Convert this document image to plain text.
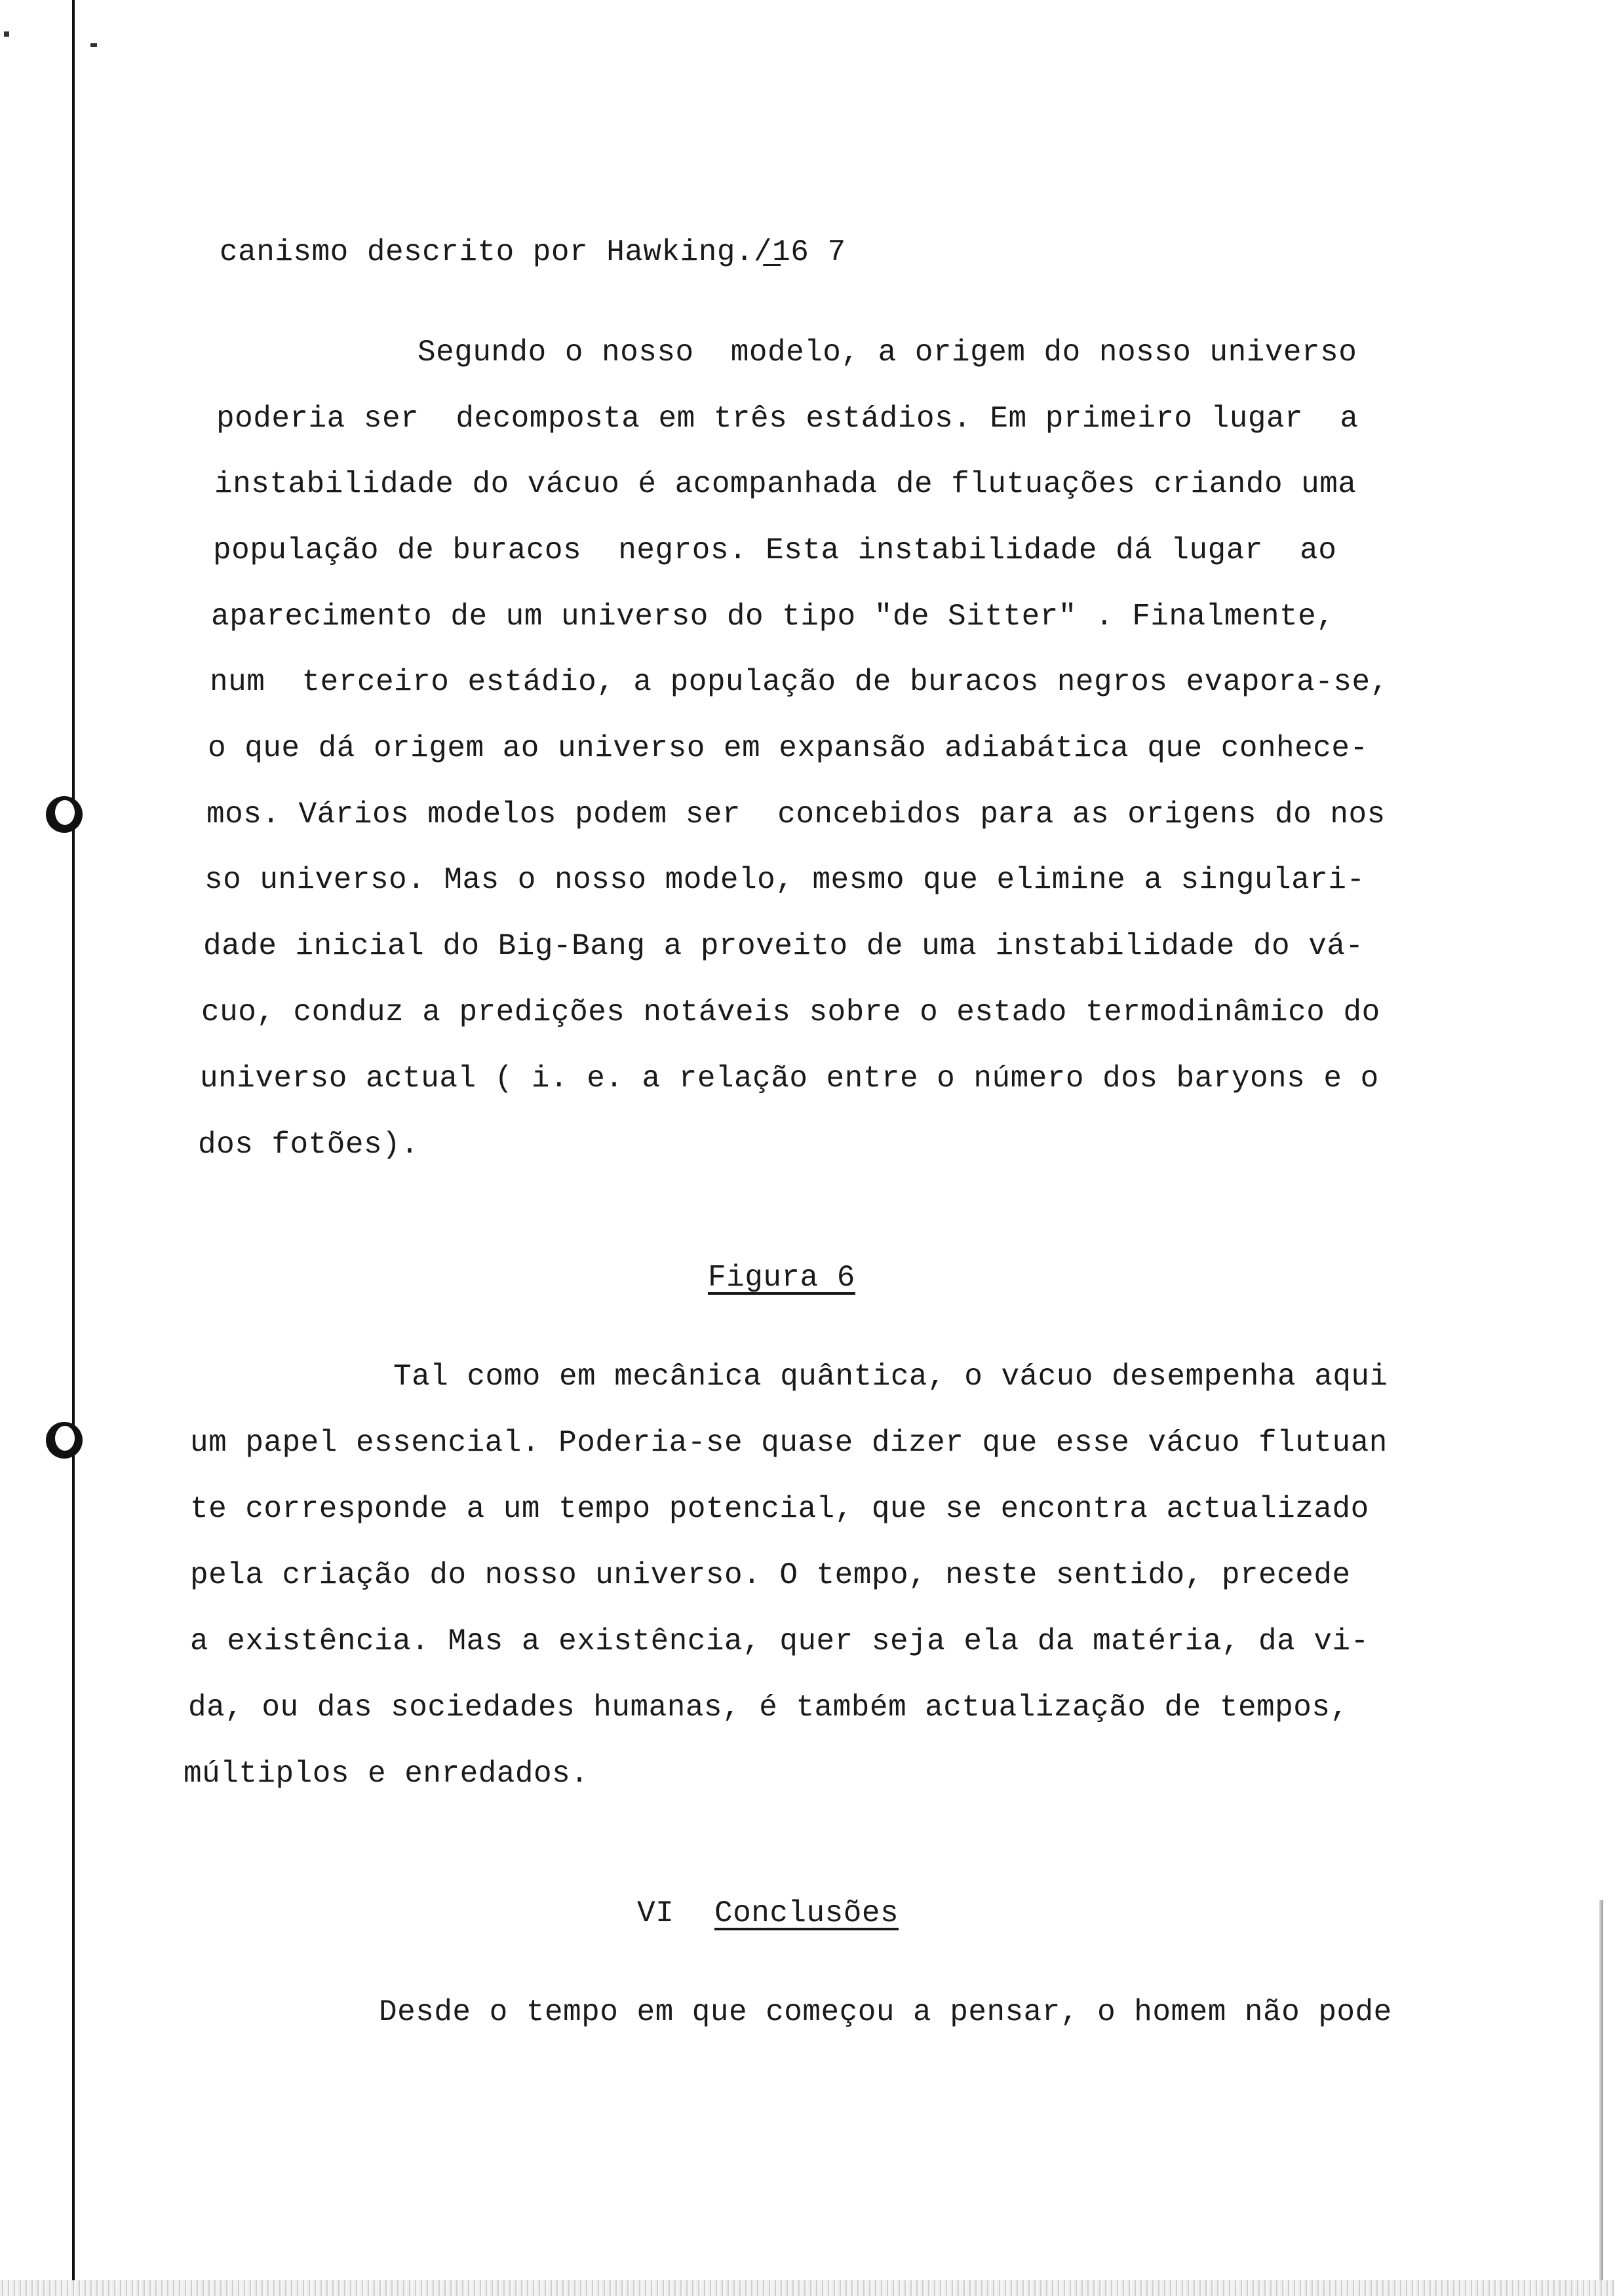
canismo descrito por Hawking./̲16 7

Segundo o nosso  modelo, a origem do nosso universo

poderia ser  decomposta em três estádios. Em primeiro lugar  a

instabilidade do vácuo é acompanhada de flutuações criando uma

população de buracos  negros. Esta instabilidade dá lugar  ao

aparecimento de um universo do tipo "de Sitter" . Finalmente,

num  terceiro estádio, a população de buracos negros evapora-se,

o que dá origem ao universo em expansão adiabática que conhece-

mos. Vários modelos podem ser  concebidos para as origens do nos

so universo. Mas o nosso modelo, mesmo que elimine a singulari-

dade inicial do Big-Bang a proveito de uma instabilidade do vá-

cuo, conduz a predições notáveis sobre o estado termodinâmico do

universo actual ( i. e. a relação entre o número dos baryons e o

dos fotões).

Figura 6

Tal como em mecânica quântica, o vácuo desempenha aqui

um papel essencial. Poderia-se quase dizer que esse vácuo flutuan

te corresponde a um tempo potencial, que se encontra actualizado

pela criação do nosso universo. O tempo, neste sentido, precede

a existência. Mas a existência, quer seja ela da matéria, da vi-

da, ou das sociedades humanas, é também actualização de tempos,

múltiplos e enredados.

VI Conclusões

Desde o tempo em que começou a pensar, o homem não pode
